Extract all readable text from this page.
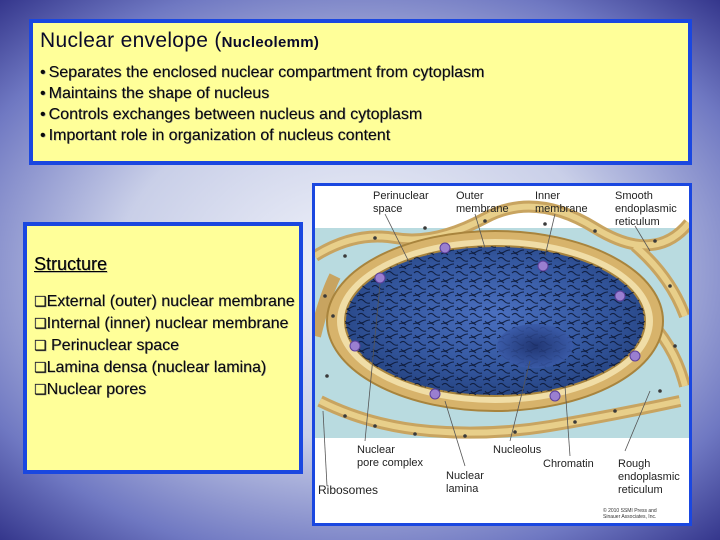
Nuclear envelope (Nucleolemm)
• Separates the enclosed nuclear compartment from cytoplasm
• Maintains the shape of nucleus
• Controls exchanges between nucleus and cytoplasm
• Important role in organization of nucleus content
Structure
❑External (outer) nuclear membrane
❑Internal (inner) nuclear membrane
❑ Perinuclear space
❑Lamina densa (nuclear lamina)
❑Nuclear pores
Perinuclear space
Outer membrane
Inner membrane
Smooth endoplasmic reticulum
Nuclear pore complex
Nucleolus
Chromatin Rough endoplasmic reticulum
Nuclear lamina
Ribosomes
© 2010 SSMI Press and Sinauer Associates, Inc.
